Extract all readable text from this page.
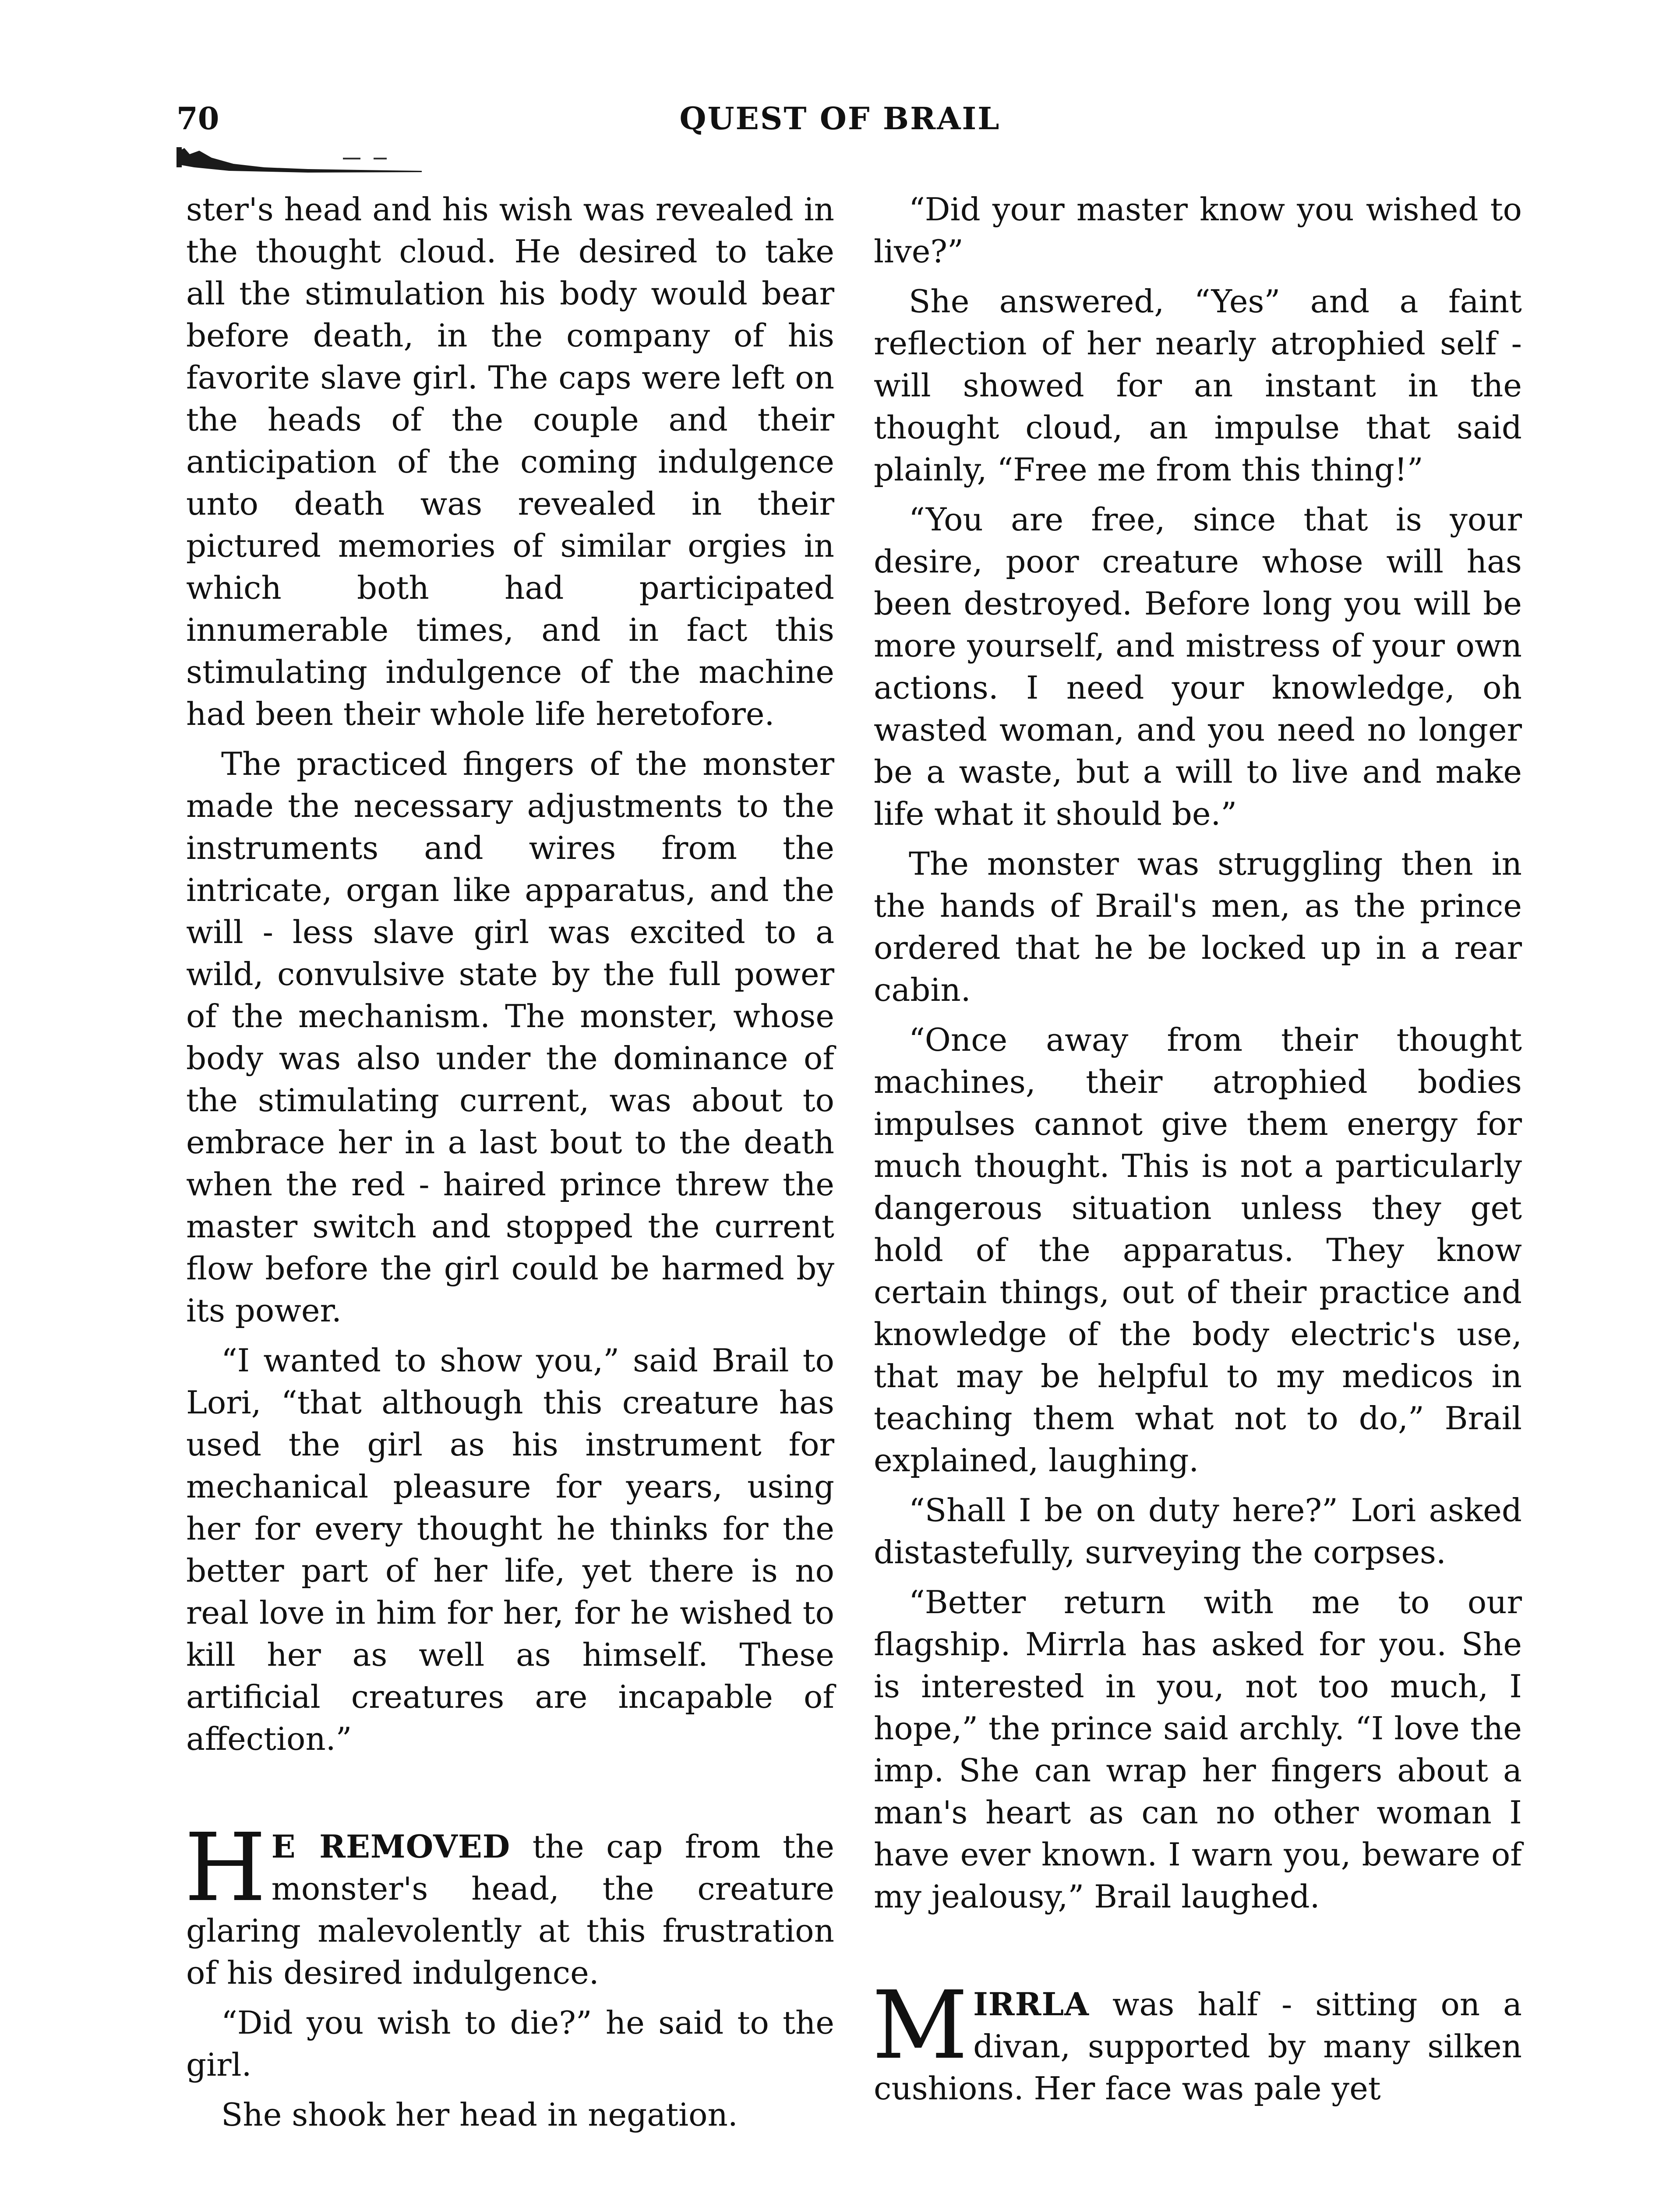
70	QUEST OF BRAIL

ster's head and his wish was revealed in the thought cloud. He desired to take all the stimulation his body would bear before death, in the company of his favorite slave girl. The caps were left on the heads of the couple and their anticipation of the coming indulgence unto death was revealed in their pictured memories of similar orgies in which both had participated innumerable times, and in fact this stimulating indulgence of the machine had been their whole life heretofore.

The practiced fingers of the monster made the necessary adjustments to the instruments and wires from the intricate, organ like apparatus, and the will - less slave girl was excited to a wild, convulsive state by the full power of the mechanism. The monster, whose body was also under the dominance of the stimulating current, was about to embrace her in a last bout to the death when the red - haired prince threw the master switch and stopped the current flow before the girl could be harmed by its power.

“I wanted to show you,” said Brail to Lori, “that although this creature has used the girl as his instrument for mechanical pleasure for years, using her for every thought he thinks for the better part of her life, yet there is no real love in him for her, for he wished to kill her as well as himself. These artificial creatures are incapable of affection.”

H E REMOVED the cap from the monster's head, the creature glaring malevolently at this frustration of his desired indulgence.

“Did you wish to die?” he said to the girl.

She shook her head in negation.

“Did your master know you wished to live?”

She answered, “Yes” and a faint reflection of her nearly atrophied self - will showed for an instant in the thought cloud, an impulse that said plainly, “Free me from this thing!”

“You are free, since that is your desire, poor creature whose will has been destroyed. Before long you will be more yourself, and mistress of your own actions. I need your knowledge, oh wasted woman, and you need no longer be a waste, but a will to live and make life what it should be.”

The monster was struggling then in the hands of Brail's men, as the prince ordered that he be locked up in a rear cabin.

“Once away from their thought machines, their atrophied bodies impulses cannot give them energy for much thought. This is not a particularly dangerous situation unless they get hold of the apparatus. They know certain things, out of their practice and knowledge of the body electric's use, that may be helpful to my medicos in teaching them what not to do,” Brail explained, laughing.

“Shall I be on duty here?” Lori asked distastefully, surveying the corpses.

“Better return with me to our flagship. Mirrla has asked for you. She is interested in you, not too much, I hope,” the prince said archly. “I love the imp. She can wrap her fingers about a man's heart as can no other woman I have ever known. I warn you, beware of my jealousy,” Brail laughed.

MIRRLA was half - sitting on a divan, supported by many silken cushions. Her face was pale yet
